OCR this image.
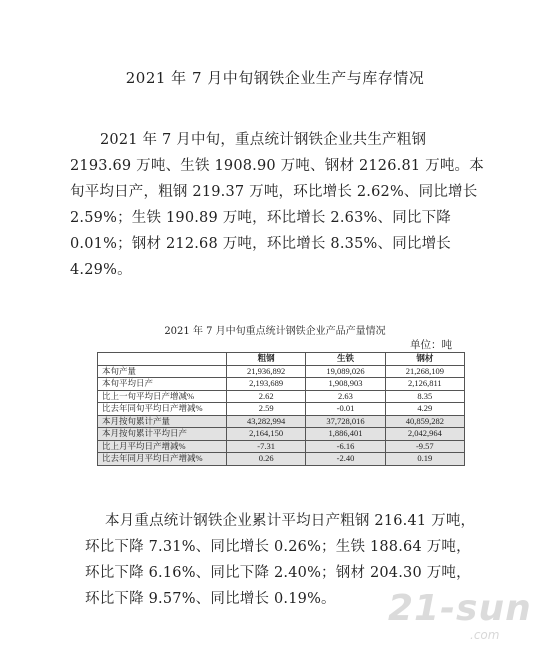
2021 年 7 月中旬钢铁企业生产与库存情况
2021 年 7 月中旬，重点统计钢铁企业共生产粗钢 2193.69 万吨、生铁 1908.90 万吨、钢材 2126.81 万吨。本旬平均日产，粗钢 219.37 万吨，环比增长 2.62%、同比增长 2.59%；生铁 190.89 万吨，环比增长 2.63%、同比下降 0.01%；钢材 212.68 万吨，环比增长 8.35%、同比增长 4.29%。
2021 年 7 月中旬重点统计钢铁企业产品产量情况
单位：吨
	粗钢	生铁	钢材
本旬产量	21,936,892	19,089,026	21,268,109
本旬平均日产	2,193,689	1,908,903	2,126,811
比上一旬平均日产增减%	2.62	2.63	8.35
比去年同旬平均日产增减%	2.59	-0.01	4.29
本月按旬累计产量	43,282,994	37,728,016	40,859,282
本月按旬累计平均日产	2,164,150	1,886,401	2,042,964
比上月平均日产增减%	-7.31	-6.16	-9.57
比去年同月平均日产增减%	0.26	-2.40	0.19
本月重点统计钢铁企业累计平均日产粗钢 216.41 万吨，环比下降 7.31%、同比增长 0.26%；生铁 188.64 万吨，环比下降 6.16%、同比下降 2.40%；钢材 204.30 万吨，环比下降 9.57%、同比增长 0.19%。	21-sun
.com
